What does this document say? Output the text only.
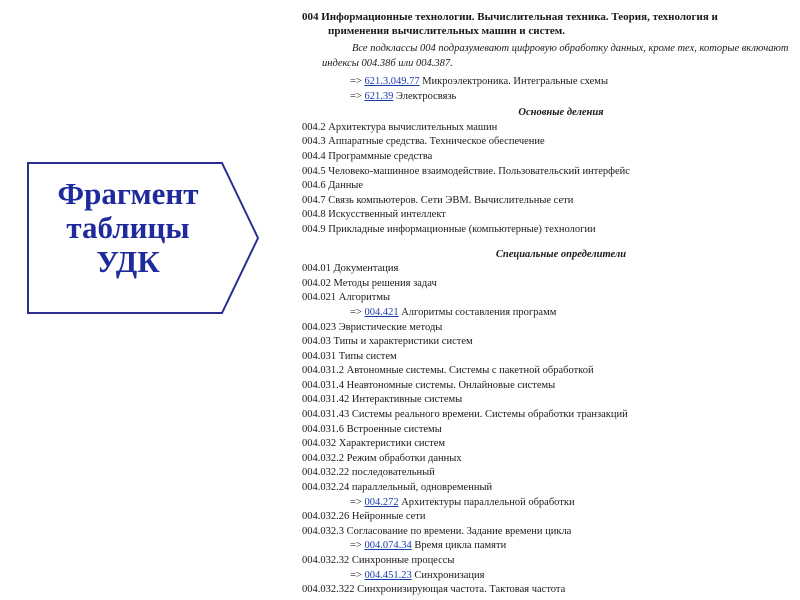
Фрагмент
таблицы
УДК
004 Информационные технологии. Вычислительная техника. Теория, технология и
применения вычислительных машин и систем.
Все подклассы 004 подразумевают цифровую обработку данных, кроме тех, которые включают индексы 004.38б или 004.387.
=> 621.3.049.77 Микроэлектроника. Интегральные схемы
=> 621.39 Электросвязь
Основные деления
004.2 Архитектура вычислительных машин
004.3 Аппаратные средства. Техническое обеспечение
004.4 Программные средства
004.5 Человеко-машинное взаимодействие. Пользовательский интерфейс
004.6 Данные
004.7 Связь компьютеров. Сети ЭВМ. Вычислительные сети
004.8 Искусственный интеллект
004.9 Прикладные информационные (компьютерные) технологии
Специальные определители
004.01 Документация
004.02 Методы решения задач
004.021 Алгоритмы
=> 004.421 Алгоритмы составления программ
004.023 Эвристические методы
004.03 Типы и характеристики систем
004.031 Типы систем
004.031.2 Автономные системы. Системы с пакетной обработкой
004.031.4 Неавтономные системы. Онлайновые системы
004.031.42 Интерактивные системы
004.031.43 Системы реального времени. Системы обработки транзакций
004.031.6 Встроенные системы
004.032 Характеристики систем
004.032.2 Режим обработки данных
004.032.22 последовательный
004.032.24 параллельный, одновременный
=> 004.272 Архитектуры параллельной обработки
004.032.26 Нейронные сети
004.032.3 Согласование по времени. Задание времени цикла
=> 004.074.34 Время цикла памяти
004.032.32 Синхронные процессы
=> 004.451.23 Синхронизация
004.032.322 Синхронизирующая частота. Тактовая частота
